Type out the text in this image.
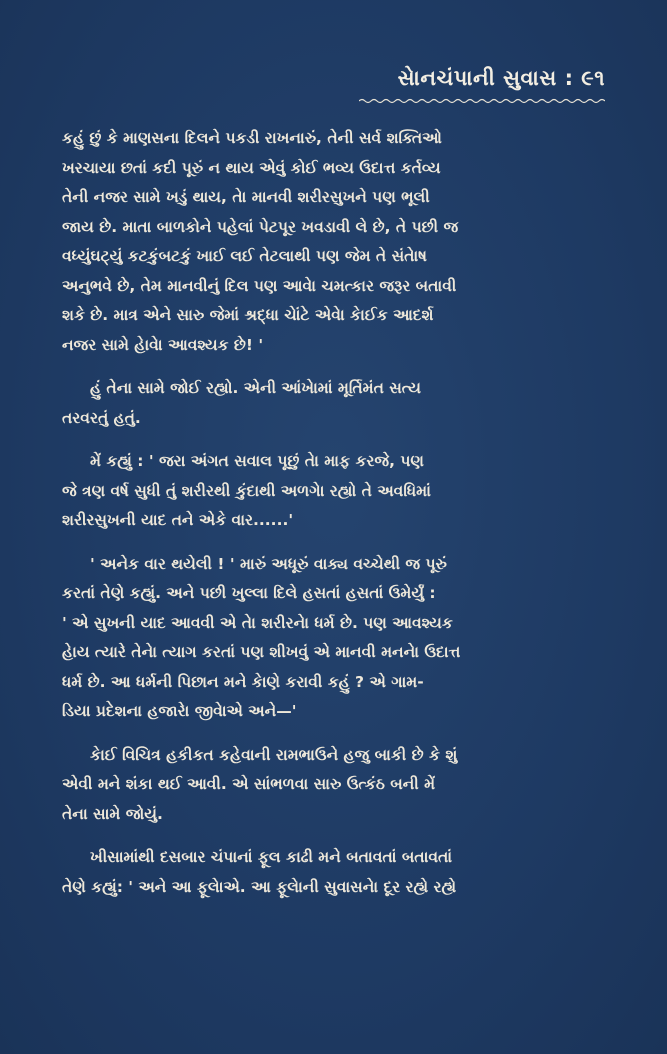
સેાનચંપાની સુવાસ : ૯૧

કહું છું કે માણસના દિલને પકડી રાખનારું, તેની સર્વ શક્તિઓ
ખરચાયા છતાં કદી પૂરું ન થાય એવું કોઈ ભવ્ય ઉદાત્ત કર્તવ્ય
તેની નજર સામે ખડું થાય, તેા માનવી શરીરસુખને પણ ભૂલી
જાય છે. માતા બાળકોને પહેલાં પેટપૂર ખવડાવી લે છે, તે પછી જ
વધ્યુંઘટ્યું કટકુંબટકું ખાઈ લઈ તેટલાથી પણ જેમ તે સંતેાષ
અનુભવે છે, તેમ માનવીનું દિલ પણ આવેા ચમત્કાર જરૂર બતાવી
શકે છે. માત્ર એને સારુ જેમાં શ્રદ્ધા ચેાંટે એવેા કેાઈક આદર્શ
નજર સામે હેાવેા આવશ્યક છે! '

હું તેના સામે જોઈ રહ્યો. એની આંખેામાં મૂર્તિમંત સત્ય
તરવરતું હતું.

મેં કહ્યું : ' જરા અંગત સવાલ પૂછું તેા માફ કરજે, પણ
જે ત્રણ વર્ષ સુધી તું શરીરથી કુંદાથી અળગેા રહ્યો તે અવધિમાં
શરીરસુખની યાદ તને એકે વાર......'

' અનેક વાર થયેલી ! ' મારું અધૂરું વાક્ય વચ્ચેથી જ પૂરું
કરતાં તેણે કહ્યું. અને પછી ખુલ્લા દિલે હસતાં હસતાં ઉમેર્યું :
' એ સુખની યાદ આવવી એ તેા શરીરનેા ધર્મ છે. પણ આવશ્યક
હેાય ત્યારે તેનેા ત્યાગ કરતાં પણ શીખવું એ માનવી મનનેા ઉદાત્ત
ધર્મ છે. આ ધર્મની પિછાન મને કેાણે કરાવી કહું ? એ ગામ-
ડિયા પ્રદેશના હજારેા જીવેાએ અને—'

કેાઈ વિચિત્ર હકીકત કહેવાની રામભાઉને હજુ બાકી છે કે શું
એવી મને શંકા થઈ આવી. એ સાંભળવા સારુ ઉત્કંઠ બની મેં
તેના સામે જોયું.

ખીસામાંથી દસબાર ચંપાનાં ફૂલ કાઢી મને બતાવતાં બતાવતાં
તેણે કહ્યું: ' અને આ ફૂલેાએ. આ ફૂલેાની સુવાસનેા દૂર રહ્યે રહ્યે
